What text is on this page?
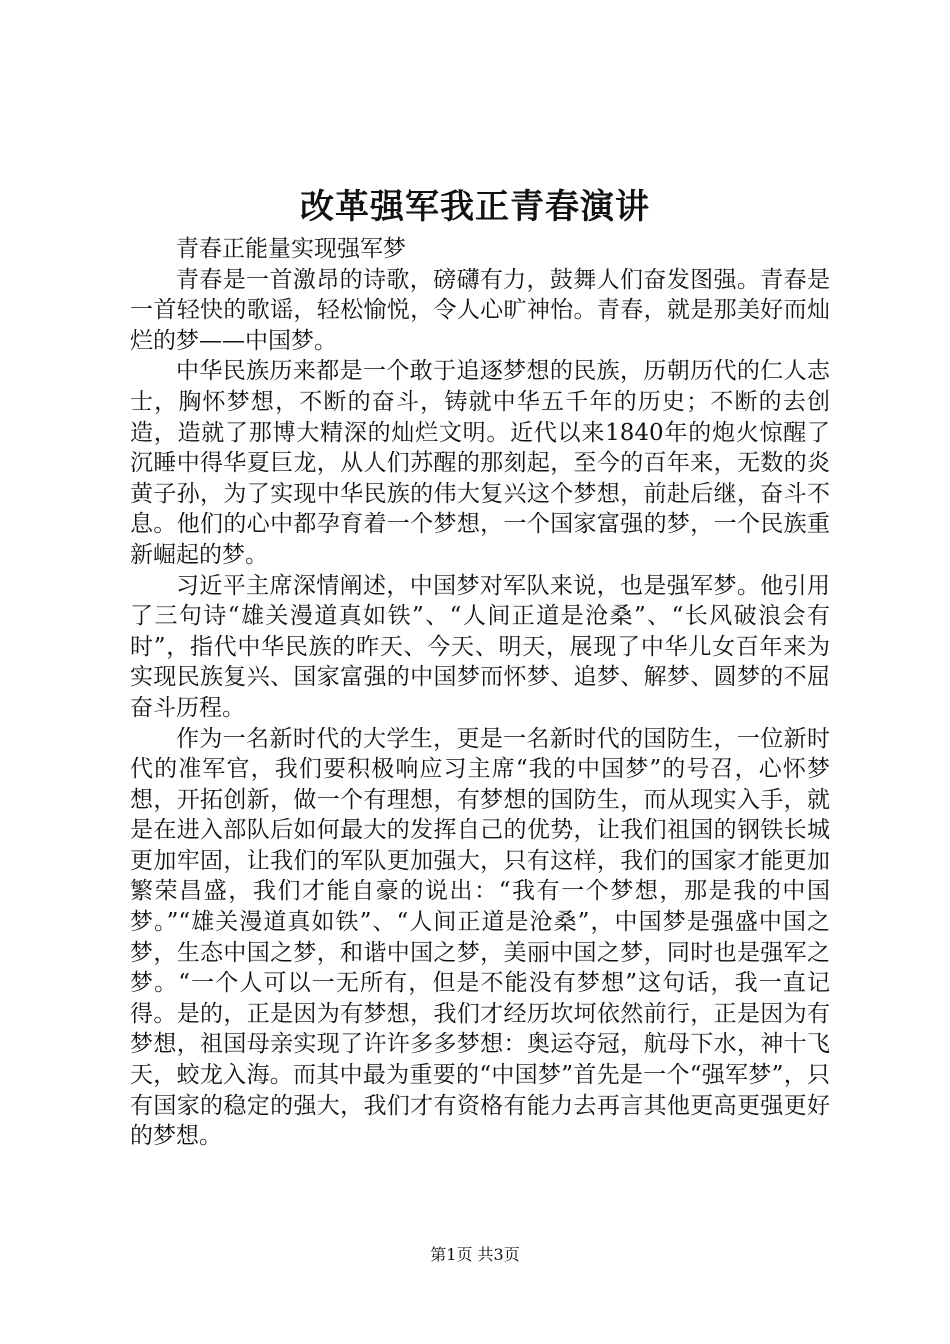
改革强军我正青春演讲

青春正能量实现强军梦

青春是一首激昂的诗歌，磅礴有力，鼓舞人们奋发图强。青春是一首轻快的歌谣，轻松愉悦，令人心旷神怡。青春，就是那美好而灿烂的梦——中国梦。

中华民族历来都是一个敢于追逐梦想的民族，历朝历代的仁人志士，胸怀梦想，不断的奋斗，铸就中华五千年的历史；不断的去创造，造就了那博大精深的灿烂文明。近代以来1840年的炮火惊醒了沉睡中得华夏巨龙，从人们苏醒的那刻起，至今的百年来，无数的炎黄子孙，为了实现中华民族的伟大复兴这个梦想，前赴后继，奋斗不息。他们的心中都孕育着一个梦想，一个国家富强的梦，一个民族重新崛起的梦。

习近平主席深情阐述，中国梦对军队来说，也是强军梦。他引用了三句诗“雄关漫道真如铁”、“人间正道是沧桑”、“长风破浪会有时”，指代中华民族的昨天、今天、明天，展现了中华儿女百年来为实现民族复兴、国家富强的中国梦而怀梦、追梦、解梦、圆梦的不屈奋斗历程。

作为一名新时代的大学生，更是一名新时代的国防生，一位新时代的准军官，我们要积极响应习主席“我的中国梦”的号召，心怀梦想，开拓创新，做一个有理想，有梦想的国防生，而从现实入手，就是在进入部队后如何最大的发挥自己的优势，让我们祖国的钢铁长城更加牢固，让我们的军队更加强大，只有这样，我们的国家才能更加繁荣昌盛，我们才能自豪的说出：“我有一个梦想，那是我的中国梦。”“雄关漫道真如铁”、“人间正道是沧桑”，中国梦是强盛中国之梦，生态中国之梦，和谐中国之梦，美丽中国之梦，同时也是强军之梦。“一个人可以一无所有，但是不能没有梦想”这句话，我一直记得。是的，正是因为有梦想，我们才经历坎坷依然前行，正是因为有梦想，祖国母亲实现了许许多多梦想：奥运夺冠，航母下水，神十飞天，蛟龙入海。而其中最为重要的“中国梦”首先是一个“强军梦”，只有国家的稳定的强大，我们才有资格有能力去再言其他更高更强更好的梦想。

第1页 共3页
